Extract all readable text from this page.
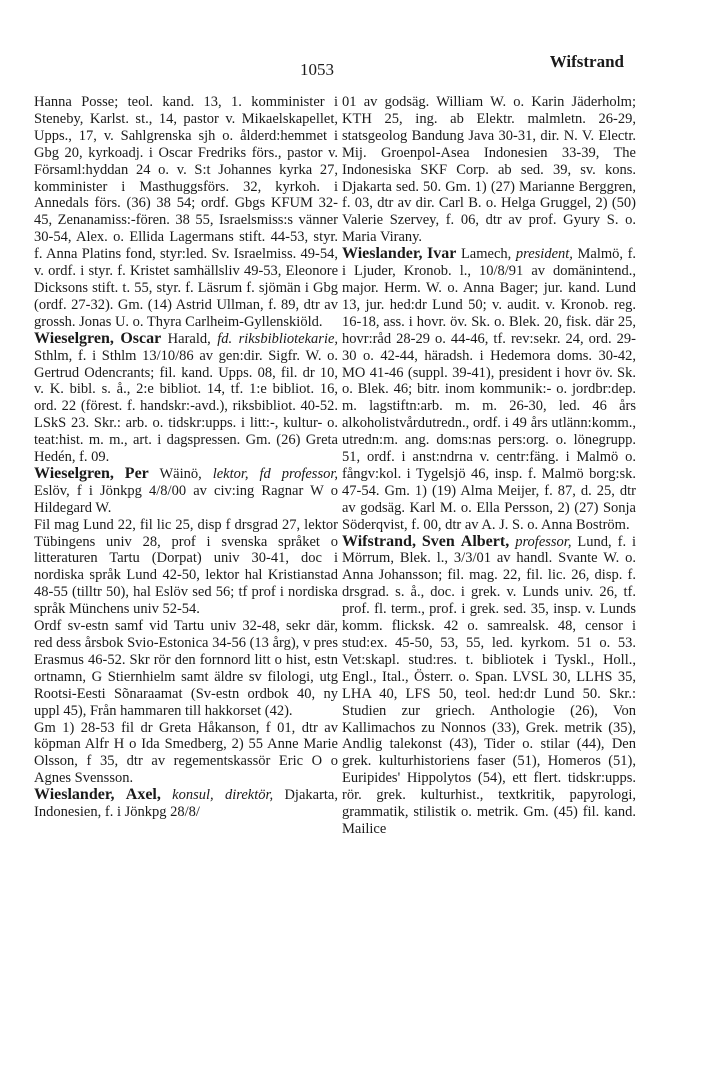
1053	Wifstrand

Hanna Posse; teol. kand. 13, 1. komminister i Steneby, Karlst. st., 14, pastor v. Mikaelskapellet, Upps., 17, v. Sahlgrenska sjh o. ålderd:hemmet i Gbg 20, kyrkoadj. i Oscar Fredriks förs., pastor v. Församl:hyddan 24 o. v. S:t Johannes kyrka 27, komminister i Masthuggsförs. 32, kyrkoh. i Annedals förs. (36) 38 54; ordf. Gbgs KFUM 32-45, Zenanamiss:-fören. 38 55, Israelsmiss:s vänner 30-54, Alex. o. Ellida Lagermans stift. 44-53, styr. f. Anna Platins fond, styr:led. Sv. Israelmiss. 49-54, v. ordf. i styr. f. Kristet samhällsliv 49-53, Eleonore Dicksons stift. t. 55, styr. f. Läsrum f. sjömän i Gbg (ordf. 27-32). Gm. (14) Astrid Ullman, f. 89, dtr av grossh. Jonas U. o. Thyra Carlheim-Gyllenskiöld.

Wieselgren, Oscar Harald, fd. riksbibliotekarie, Sthlm, f. i Sthlm 13/10/86 av gen:dir. Sigfr. W. o. Gertrud Odencrants; fil. kand. Upps. 08, fil. dr 10, v. K. bibl. s. å., 2:e bibliot. 14, tf. 1:e bibliot. 16, ord. 22 (förest. f. handskr:-avd.), riksbibliot. 40-52. LSkS 23. Skr.: arb. o. tidskr:upps. i litt:-, kultur- o. teat:hist. m. m., art. i dagspressen. Gm. (26) Greta Hedén, f. 09.

Wieselgren, Per Wäinö, lektor, fd professor, Eslöv, f i Jönkpg 4/8/00 av civ:ing Ragnar W o Hildegard W.

Fil mag Lund 22, fil lic 25, disp f drsgrad 27, lektor Tübingens univ 28, prof i svenska språket o litteraturen Tartu (Dorpat) univ 30-41, doc i nordiska språk Lund 42-50, lektor hal Kristianstad 48-55 (tilltr 50), hal Eslöv sed 56; tf prof i nordiska språk Münchens univ 52-54.

Ordf sv-estn samf vid Tartu univ 32-48, sekr där, red dess årsbok Svio-Estonica 34-56 (13 årg), v pres Erasmus 46-52. Skr rör den fornnord litt o hist, estn ortnamn, G Stiernhielm samt äldre sv filologi, utg Rootsi-Eesti Sõnaraamat (Sv-estn ordbok 40, ny uppl 45), Från hammaren till hakkorset (42).

Gm 1) 28-53 fil dr Greta Håkanson, f 01, dtr av köpman Alfr H o Ida Smedberg, 2) 55 Anne Marie Olsson, f 35, dtr av regementskassör Eric O o Agnes Svensson.

Wieslander, Axel, konsul, direktör, Djakarta, Indonesien, f. i Jönkpg 28/8/

01 av godsäg. William W. o. Karin Jäderholm; KTH 25, ing. ab Elektr. malmletn. 26-29, statsgeolog Bandung Java 30-31, dir. N. V. Electr. Mij. Groenpol-Asea Indonesien 33-39, The Indonesiska SKF Corp. ab sed. 39, sv. kons. Djakarta sed. 50. Gm. 1) (27) Marianne Berggren, f. 03, dtr av dir. Carl B. o. Helga Gruggel, 2) (50) Valerie Szervey, f. 06, dtr av prof. Gyury S. o. Maria Virany.

Wieslander, Ivar Lamech, president, Malmö, f. i Ljuder, Kronob. l., 10/8/91 av domänintend., major. Herm. W. o. Anna Bager; jur. kand. Lund 13, jur. hed:dr Lund 50; v. audit. v. Kronob. reg. 16-18, ass. i hovr. öv. Sk. o. Blek. 20, fisk. där 25, hovr:råd 28-29 o. 44-46, tf. rev:sekr. 24, ord. 29-30 o. 42-44, häradsh. i Hedemora doms. 30-42, MO 41-46 (suppl. 39-41), president i hovr öv. Sk. o. Blek. 46; bitr. inom kommunik:- o. jordbr:dep. m. lagstiftn:arb. m. m. 26-30, led. 46 års alkoholistvårdutredn., ordf. i 49 års utlänn:komm., utredn:m. ang. doms:nas pers:org. o. lönegrupp. 51, ordf. i anst:ndrna v. centr:fäng. i Malmö o. fångv:kol. i Tygelsjö 46, insp. f. Malmö borg:sk. 47-54. Gm. 1) (19) Alma Meijer, f. 87, d. 25, dtr av godsäg. Karl M. o. Ella Persson, 2) (27) Sonja Söderqvist, f. 00, dtr av A. J. S. o. Anna Boström.

Wifstrand, Sven Albert, professor, Lund, f. i Mörrum, Blek. l., 3/3/01 av handl. Svante W. o. Anna Johansson; fil. mag. 22, fil. lic. 26, disp. f. drsgrad. s. å., doc. i grek. v. Lunds univ. 26, tf. prof. fl. term., prof. i grek. sed. 35, insp. v. Lunds komm. flicksk. 42 o. samrealsk. 48, censor i stud:ex. 45-50, 53, 55, led. kyrkom. 51 o. 53. Vet:skapl. stud:res. t. bibliotek i Tyskl., Holl., Engl., Ital., Österr. o. Span. LVSL 30, LLHS 35, LHA 40, LFS 50, teol. hed:dr Lund 50. Skr.: Studien zur griech. Anthologie (26), Von Kallimachos zu Nonnos (33), Grek. metrik (35), Andlig talekonst (43), Tider o. stilar (44), Den grek. kulturhistoriens faser (51), Homeros (51), Euripides' Hippolytos (54), ett flert. tidskr:upps. rör. grek. kulturhist., textkritik, papyrologi, grammatik, stilistik o. metrik. Gm. (45) fil. kand. Mailice
